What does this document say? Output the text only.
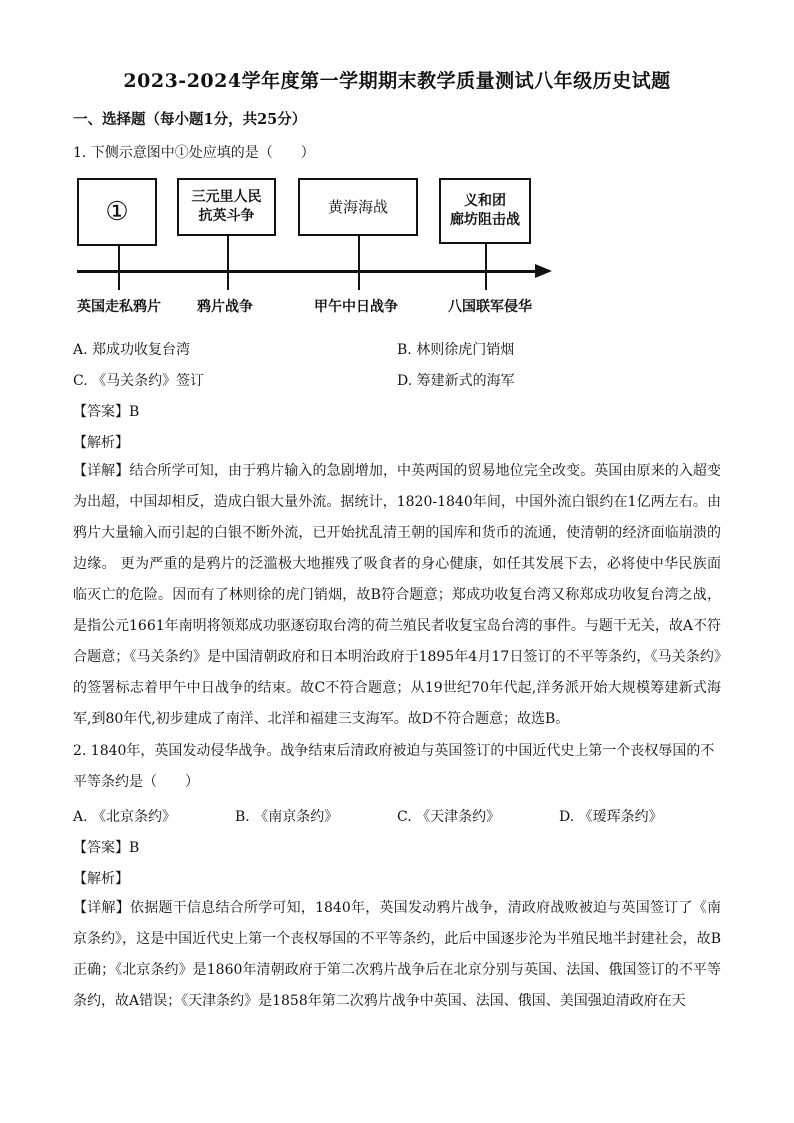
2023-2024学年度第一学期期末教学质量测试八年级历史试题
一、选择题（每小题1分，共25分）
1. 下侧示意图中①处应填的是（　　）
①	三元里人民
抗英斗争
黄海海战	义和团
廊坊阻击战
英国走私鸦片	鸦片战争	甲午中日战争	八国联军侵华
A. 郑成功收复台湾	B. 林则徐虎门销烟
C. 《马关条约》签订	D. 筹建新式的海军
【答案】B
【解析】
【详解】结合所学可知，由于鸦片输入的急剧增加，中英两国的贸易地位完全改变。英国由原来的入超变为出超，中国却相反，造成白银大量外流。据统计，1820-1840年间，中国外流白银约在1亿两左右。由鸦片大量输入而引起的白银不断外流，已开始扰乱清王朝的国库和货币的流通，使清朝的经济面临崩溃的边缘。 更为严重的是鸦片的泛滥极大地摧残了吸食者的身心健康，如任其发展下去，必将使中华民族面临灭亡的危险。因而有了林则徐的虎门销烟，故B符合题意；郑成功收复台湾又称郑成功收复台湾之战，是指公元1661年南明将领郑成功驱逐窃取台湾的荷兰殖民者收复宝岛台湾的事件。与题干无关，故A不符合题意；《马关条约》是中国清朝政府和日本明治政府于1895年4月17日签订的不平等条约，《马关条约》的签署标志着甲午中日战争的结束。故C不符合题意；从19世纪70年代起,洋务派开始大规模筹建新式海军,到80年代,初步建成了南洋、北洋和福建三支海军。故D不符合题意；故选B。
2. 1840年，英国发动侵华战争。战争结束后清政府被迫与英国签订的中国近代史上第一个丧权辱国的不平等条约是（　　）
A. 《北京条约》	B. 《南京条约》	C. 《天津条约》	D. 《瑷珲条约》
【答案】B
【解析】
【详解】依据题干信息结合所学可知，1840年，英国发动鸦片战争，清政府战败被迫与英国签订了《南京条约》，这是中国近代史上第一个丧权辱国的不平等条约，此后中国逐步沦为半殖民地半封建社会，故B正确；《北京条约》是1860年清朝政府于第二次鸦片战争后在北京分别与英国、法国、俄国签订的不平等条约，故A错误；《天津条约》是1858年第二次鸦片战争中英国、法国、俄国、美国强迫清政府在天
